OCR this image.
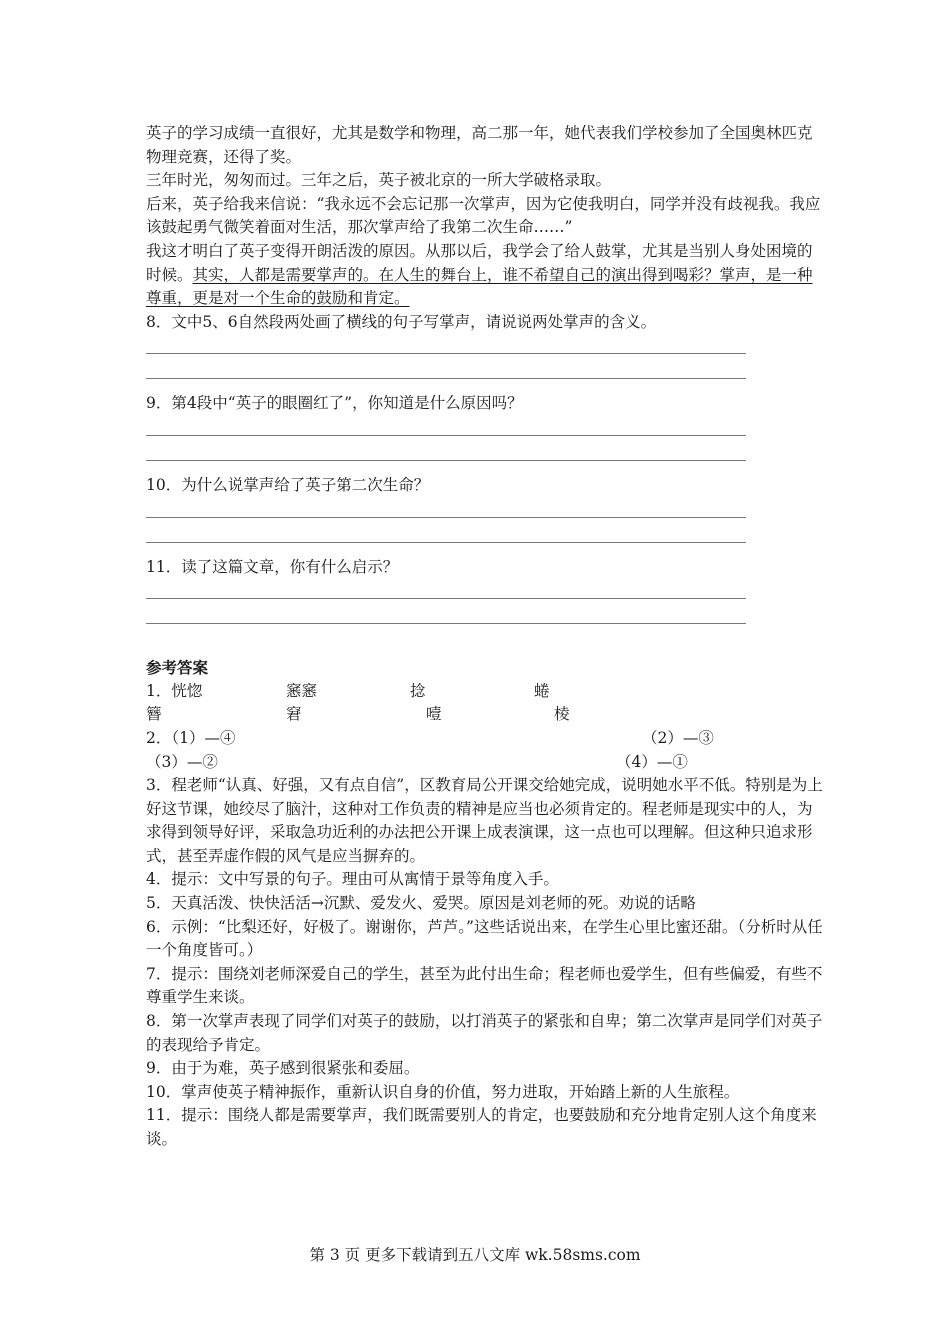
英子的学习成绩一直很好，尤其是数学和物理，高二那一年，她代表我们学校参加了全国奥林匹克物理竞赛，还得了奖。

三年时光，匆匆而过。三年之后，英子被北京的一所大学破格录取。

后来，英子给我来信说：“我永远不会忘记那一次掌声，因为它使我明白，同学并没有歧视我。我应该鼓起勇气微笑着面对生活，那次掌声给了我第二次生命……”

我这才明白了英子变得开朗活泼的原因。从那以后，我学会了给人鼓掌，尤其是当别人身处困境的时候。其实，人都是需要掌声的。在人生的舞台上，谁不希望自己的演出得到喝彩？掌声，是一种尊重，更是对一个生命的鼓励和肯定。

8．文中5、6自然段两处画了横线的句子写掌声，请说说两处掌声的含义。

9．第4段中“英子的眼圈红了”，你知道是什么原因吗？

10．为什么说掌声给了英子第二次生命？

11．读了这篇文章，你有什么启示？

参考答案

1．恍惚	窸窸	捻	蜷
簪	窘	噎	棱
2．（1）—④	（2）—③
（3）—②	（4）—①

3．程老师“认真、好强，又有点自信”，区教育局公开课交给她完成，说明她水平不低。特别是为上好这节课，她绞尽了脑汁，这种对工作负责的精神是应当也必须肯定的。程老师是现实中的人，为求得到领导好评，采取急功近利的办法把公开课上成表演课，这一点也可以理解。但这种只追求形式，甚至弄虚作假的风气是应当摒弃的。

4．提示：文中写景的句子。理由可从寓情于景等角度入手。

5．天真活泼、快快活活→沉默、爱发火、爱哭。原因是刘老师的死。劝说的话略

6．示例：“比梨还好，好极了。谢谢你，芦芦。”这些话说出来，在学生心里比蜜还甜。（分析时从任一个角度皆可。）

7．提示：围绕刘老师深爱自己的学生，甚至为此付出生命；程老师也爱学生，但有些偏爱，有些不尊重学生来谈。

8．第一次掌声表现了同学们对英子的鼓励，以打消英子的紧张和自卑；第二次掌声是同学们对英子的表现给予肯定。

9．由于为难，英子感到很紧张和委屈。

10．掌声使英子精神振作，重新认识自身的价值，努力进取，开始踏上新的人生旅程。

11．提示：围绕人都是需要掌声，我们既需要别人的肯定，也要鼓励和充分地肯定别人这个角度来谈。

第 3 页 更多下载请到五八文库 wk.58sms.com
